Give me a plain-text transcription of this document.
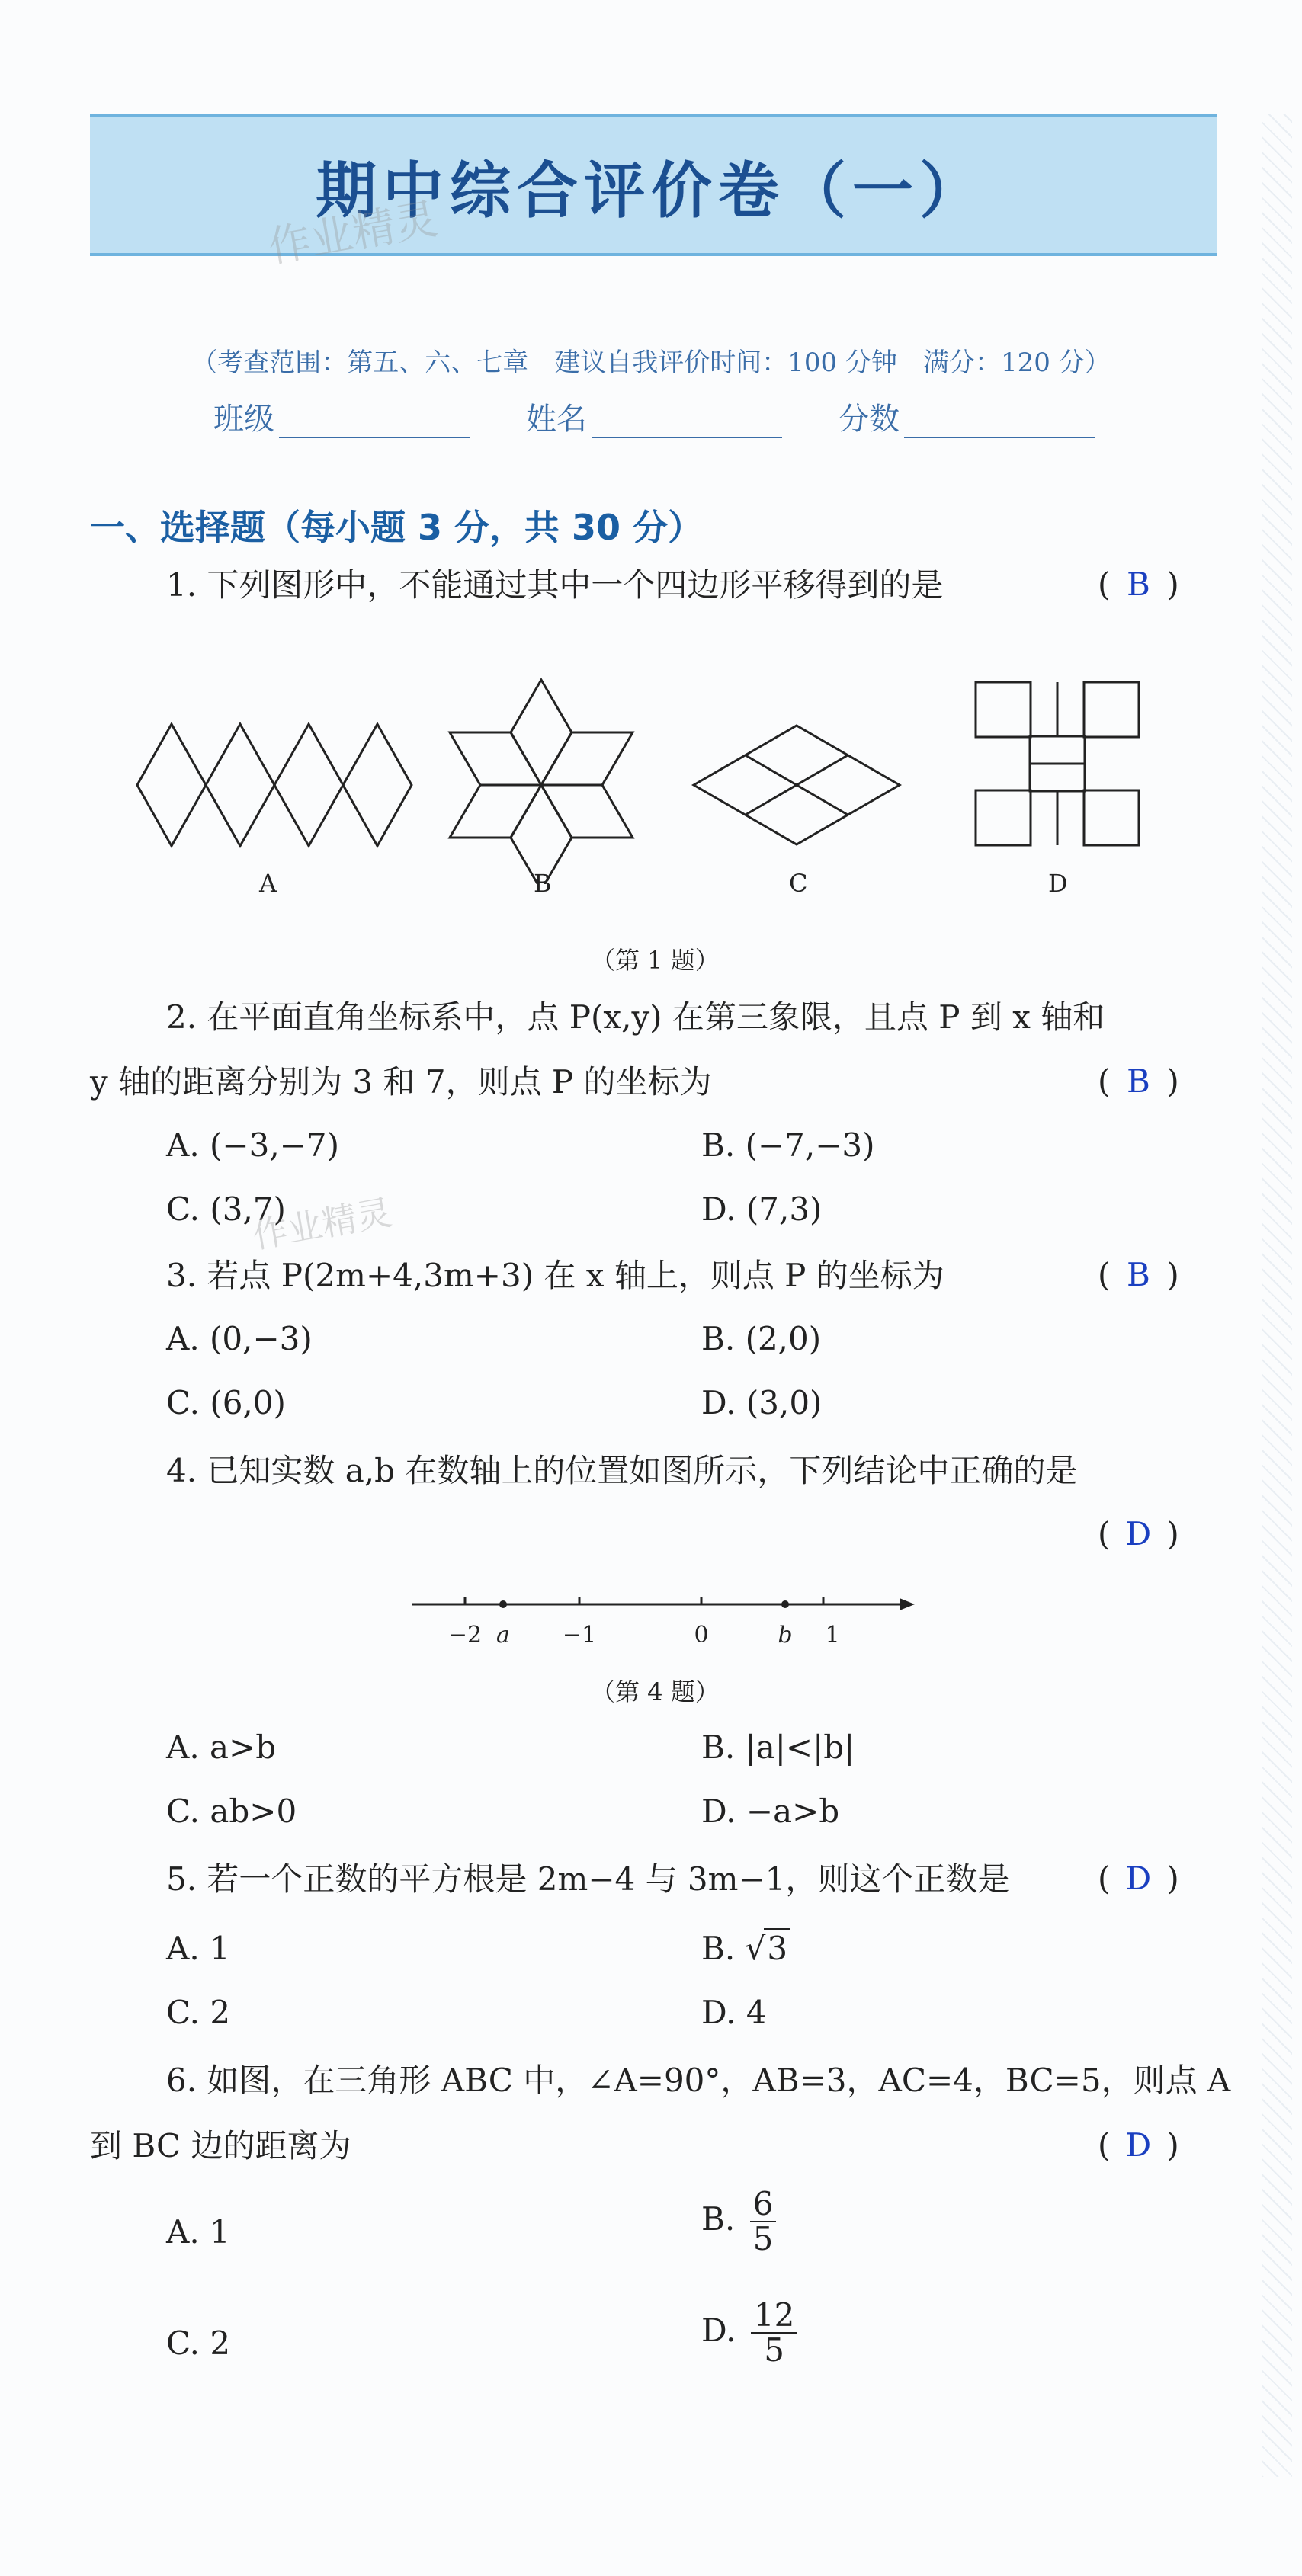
期中综合评价卷（一）
作业精灵
（考查范围：第五、六、七章　建议自我评价时间：100 分钟　满分：120 分）
班级	姓名	分数
一、选择题（每小题 3 分，共 30 分）
1. 下列图形中，不能通过其中一个四边形平移得到的是	( B )
A	B	C	D
（第 1 题）
2. 在平面直角坐标系中，点 P(x,y) 在第三象限，且点 P 到 x 轴和
y 轴的距离分别为 3 和 7，则点 P 的坐标为	( B )
A. (−3,−7)	B. (−7,−3)
C. (3,7)	D. (7,3)
作业精灵
3. 若点 P(2m+4,3m+3) 在 x 轴上，则点 P 的坐标为	( B )
A. (0,−3)	B. (2,0)
C. (6,0)	D. (3,0)
4. 已知实数 a,b 在数轴上的位置如图所示，下列结论中正确的是
( D )
−2	−1	0	1
a	b
（第 4 题）
A. a>b	B. |a|<|b|
C. ab>0	D. −a>b
5. 若一个正数的平方根是 2m−4 与 3m−1，则这个正数是	( D )
A. 1	B. √3
C. 2	D. 4
6. 如图，在三角形 ABC 中，∠A=90°，AB=3，AC=4，BC=5，则点 A
到 BC 边的距离为	( D )
A. 1	B. $\frac{6}{5}$
C. 2	D. $\frac{12}{5}$
